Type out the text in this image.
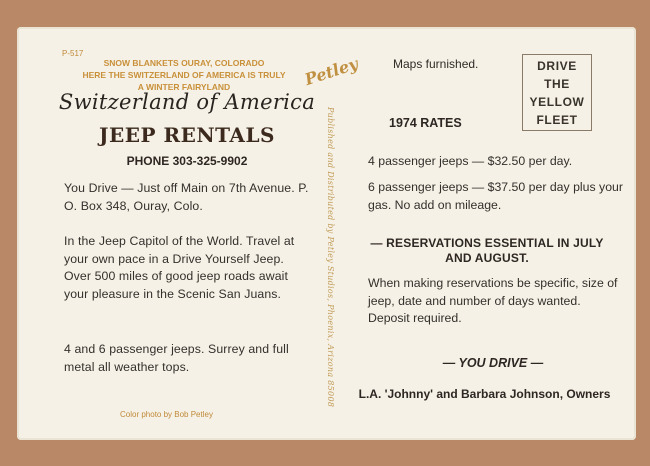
P-517
SNOW BLANKETS OURAY, COLORADO
HERE THE SWITZERLAND OF AMERICA IS TRULY
A WINTER FAIRYLAND
Switzerland of America
JEEP RENTALS
PHONE 303-325-9902
You Drive — Just off Main on 7th Avenue. P. O. Box 348, Ouray, Colo.
In the Jeep Capitol of the World. Travel at your own pace in a Drive Yourself Jeep. Over 500 miles of good jeep roads await your pleasure in the Scenic San Juans.
4 and 6 passenger jeeps. Surrey and full metal all weather tops.
Color photo by Bob Petley
Petley
Published and Distributed by Petley Studios, Phoenix, Arizona 85008
Maps furnished.	DRIVE
THE
YELLOW
FLEET
1974 RATES
4 passenger jeeps — $32.50 per day.
6 passenger jeeps — $37.50 per day plus your gas. No add on mileage.
— RESERVATIONS ESSENTIAL IN JULY AND AUGUST.
When making reservations be specific, size of jeep, date and number of days wanted. Deposit required.
— YOU DRIVE —
L.A. 'Johnny' and Barbara Johnson, Owners
